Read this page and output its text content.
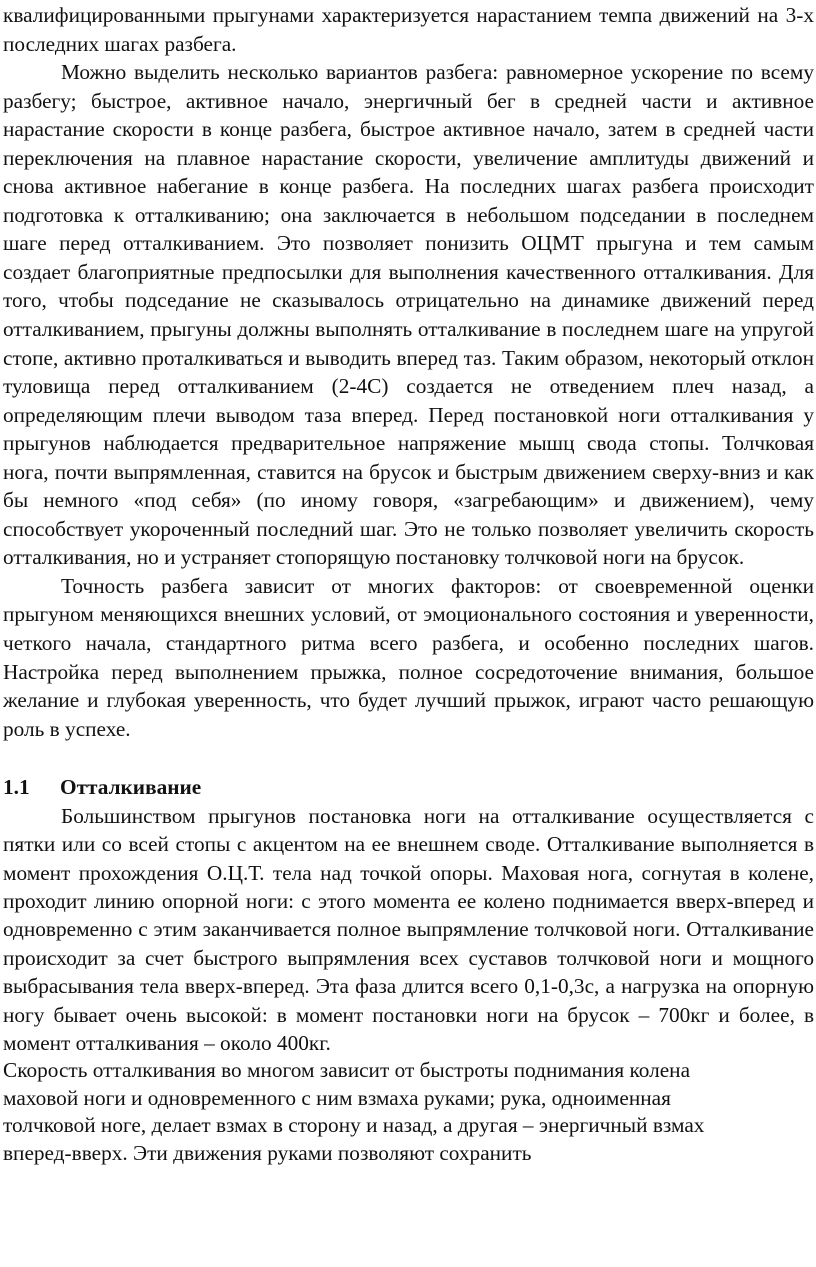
квалифицированными прыгунами характеризуется нарастанием темпа движений на 3-х последних шагах разбега.

Можно выделить несколько вариантов разбега: равномерное ускорение по всему разбегу; быстрое, активное начало, энергичный бег в средней части и активное нарастание скорости в конце разбега, быстрое активное начало, затем в средней части переключения на плавное нарастание скорости, увеличение амплитуды движений и снова активное набегание в конце разбега. На последних шагах разбега происходит подготовка к отталкиванию; она заключается в небольшом подседании в последнем шаге перед отталкиванием. Это позволяет понизить ОЦМТ прыгуна и тем самым создает благоприятные предпосылки для выполнения качественного отталкивания. Для того, чтобы подседание не сказывалось отрицательно на динамике движений перед отталкиванием, прыгуны должны выполнять отталкивание в последнем шаге на упругой стопе, активно проталкиваться и выводить вперед таз. Таким образом, некоторый отклон туловища перед отталкиванием (2-4С) создается не отведением плеч назад, а определяющим плечи выводом таза вперед. Перед постановкой ноги отталкивания у прыгунов наблюдается предварительное напряжение мышц свода стопы. Толчковая нога, почти выпрямленная, ставится на брусок и быстрым движением сверху-вниз и как бы немного «под себя» (по иному говоря, «загребающим» и движением), чему способствует укороченный последний шаг. Это не только позволяет увеличить скорость отталкивания, но и устраняет стопорящую постановку толчковой ноги на брусок.

Точность разбега зависит от многих факторов: от своевременной оценки прыгуном меняющихся внешних условий, от эмоционального состояния и уверенности, четкого начала, стандартного ритма всего разбега, и особенно последних шагов. Настройка перед выполнением прыжка, полное сосредоточение внимания, большое желание и глубокая уверенность, что будет лучший прыжок, играют часто решающую роль в успехе.

1.1 Отталкивание

Большинством прыгунов постановка ноги на отталкивание осуществляется с пятки или со всей стопы с акцентом на ее внешнем своде. Отталкивание выполняется в момент прохождения О.Ц.Т. тела над точкой опоры. Маховая нога, согнутая в колене, проходит линию опорной ноги: с этого момента ее колено поднимается вверх-вперед и одновременно с этим заканчивается полное выпрямление толчковой ноги. Отталкивание происходит за счет быстрого выпрямления всех суставов толчковой ноги и мощного выбрасывания тела вверх-вперед. Эта фаза длится всего 0,1-0,3с, а нагрузка на опорную ногу бывает очень высокой: в момент постановки ноги на брусок – 700кг и более, в момент отталкивания – около 400кг.

Скорость отталкивания во многом зависит от быстроты поднимания колена
маховой ноги и одновременного с ним взмаха руками; рука, одноименная
толчковой ноге, делает взмах в сторону и назад, а другая – энергичный взмах
вперед-вверх. Эти движения руками позволяют сохранить
